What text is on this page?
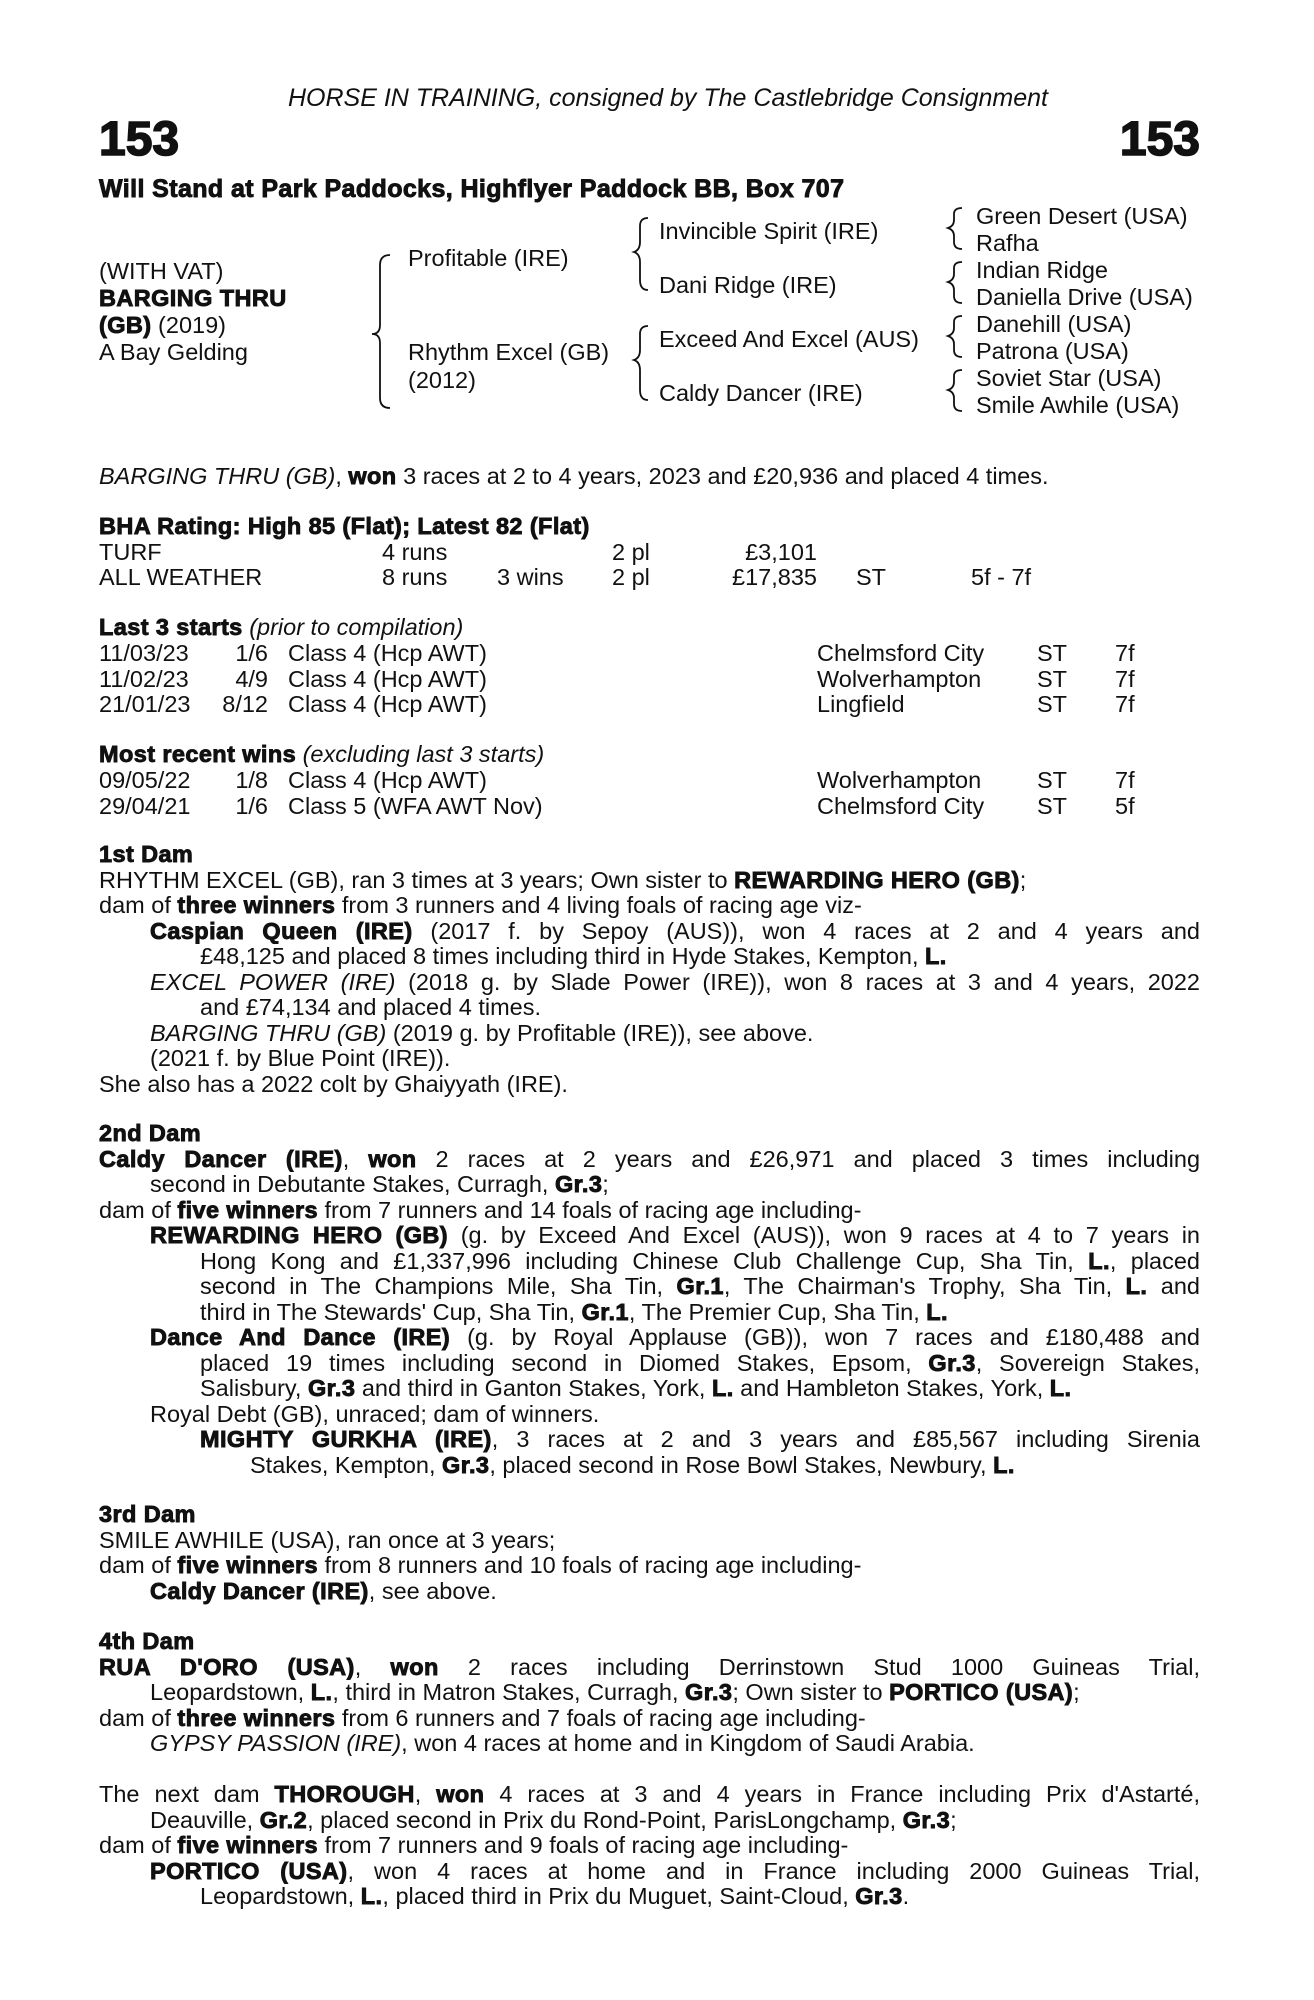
HORSE IN TRAINING, consigned by The Castlebridge Consignment
153	153
Will Stand at Park Paddocks, Highflyer Paddock BB, Box 707
(WITH VAT)
BARGING THRU
(GB) (2019)
A Bay Gelding
Profitable (IRE)
Rhythm Excel (GB)
(2012)
Invincible Spirit (IRE)
Dani Ridge (IRE)
Exceed And Excel (AUS)
Caldy Dancer (IRE)
Green Desert (USA)
Rafha
Indian Ridge
Daniella Drive (USA)
Danehill (USA)
Patrona (USA)
Soviet Star (USA)
Smile Awhile (USA)
BARGING THRU (GB), won 3 races at 2 to 4 years, 2023 and £20,936 and placed 4 times.
BHA Rating: High 85 (Flat); Latest 82 (Flat)
TURF	4 runs	2 pl	£3,101
ALL WEATHER	8 runs 3 wins 2 pl	£17,835 ST	5f - 7f
Last 3 starts (prior to compilation)
11/03/23 1/6 Class 4 (Hcp AWT)	Chelmsford City ST 7f
11/02/23 4/9 Class 4 (Hcp AWT)	Wolverhampton ST 7f
21/01/23 8/12 Class 4 (Hcp AWT)	Lingfield	ST 7f
Most recent wins (excluding last 3 starts)
09/05/22 1/8 Class 4 (Hcp AWT)	Wolverhampton ST 7f
29/04/21 1/6 Class 5 (WFA AWT Nov)	Chelmsford City ST 5f
1st Dam
RHYTHM EXCEL (GB), ran 3 times at 3 years; Own sister to REWARDING HERO (GB);
dam of three winners from 3 runners and 4 living foals of racing age viz-
Caspian Queen (IRE) (2017 f. by Sepoy (AUS)), won 4 races at 2 and 4 years and
£48,125 and placed 8 times including third in Hyde Stakes, Kempton, L.
EXCEL POWER (IRE) (2018 g. by Slade Power (IRE)), won 8 races at 3 and 4 years, 2022
and £74,134 and placed 4 times.
BARGING THRU (GB) (2019 g. by Profitable (IRE)), see above.
(2021 f. by Blue Point (IRE)).
She also has a 2022 colt by Ghaiyyath (IRE).
2nd Dam
Caldy Dancer (IRE), won 2 races at 2 years and £26,971 and placed 3 times including
second in Debutante Stakes, Curragh, Gr.3;
dam of five winners from 7 runners and 14 foals of racing age including-
REWARDING HERO (GB) (g. by Exceed And Excel (AUS)), won 9 races at 4 to 7 years in
Hong Kong and £1,337,996 including Chinese Club Challenge Cup, Sha Tin, L., placed
second in The Champions Mile, Sha Tin, Gr.1, The Chairman's Trophy, Sha Tin, L. and
third in The Stewards' Cup, Sha Tin, Gr.1, The Premier Cup, Sha Tin, L.
Dance And Dance (IRE) (g. by Royal Applause (GB)), won 7 races and £180,488 and
placed 19 times including second in Diomed Stakes, Epsom, Gr.3, Sovereign Stakes,
Salisbury, Gr.3 and third in Ganton Stakes, York, L. and Hambleton Stakes, York, L.
Royal Debt (GB), unraced; dam of winners.
MIGHTY GURKHA (IRE), 3 races at 2 and 3 years and £85,567 including Sirenia
Stakes, Kempton, Gr.3, placed second in Rose Bowl Stakes, Newbury, L.
3rd Dam
SMILE AWHILE (USA), ran once at 3 years;
dam of five winners from 8 runners and 10 foals of racing age including-
Caldy Dancer (IRE), see above.
4th Dam
RUA D'ORO (USA), won 2 races including Derrinstown Stud 1000 Guineas Trial,
Leopardstown, L., third in Matron Stakes, Curragh, Gr.3; Own sister to PORTICO (USA);
dam of three winners from 6 runners and 7 foals of racing age including-
GYPSY PASSION (IRE), won 4 races at home and in Kingdom of Saudi Arabia.
The next dam THOROUGH, won 4 races at 3 and 4 years in France including Prix d'Astarté,
Deauville, Gr.2, placed second in Prix du Rond-Point, ParisLongchamp, Gr.3;
dam of five winners from 7 runners and 9 foals of racing age including-
PORTICO (USA), won 4 races at home and in France including 2000 Guineas Trial,
Leopardstown, L., placed third in Prix du Muguet, Saint-Cloud, Gr.3.
